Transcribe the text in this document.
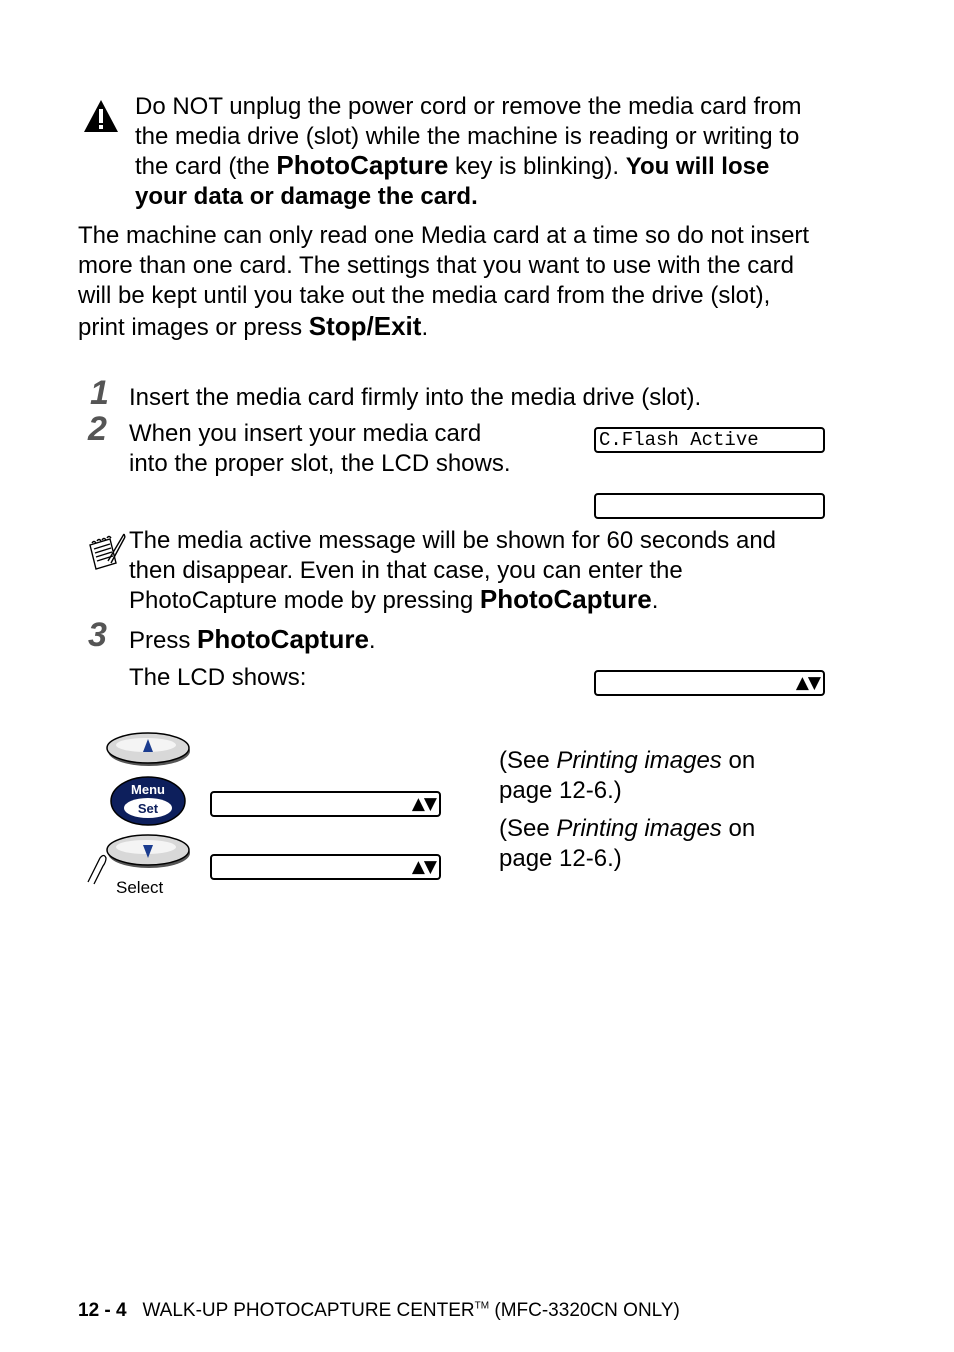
Do NOT unplug the power cord or remove the media card from
the media drive (slot) while the machine is reading or writing to
the card (the PhotoCapture key is blinking). You will lose
your data or damage the card.
The machine can only read one Media card at a time so do not insert
more than one card. The settings that you want to use with the card
will be kept until you take out the media card from the drive (slot),
print images or press Stop/Exit.
1 Insert the media card firmly into the media drive (slot).
2 When you insert your media card
into the proper slot, the LCD shows.
C.Flash Active

The media active message will be shown for 60 seconds and
then disappear. Even in that case, you can enter the
PhotoCapture mode by pressing PhotoCapture.
3 Press PhotoCapture.
The LCD shows:

	▲▼

Menu
Set
Select

▲▼

▲▼

(See Printing images on
page 12-6.)
(See Printing images on
page 12-6.)
12 - 4 WALK-UP PHOTOCAPTURE CENTER™ (MFC-3320CN ONLY)
